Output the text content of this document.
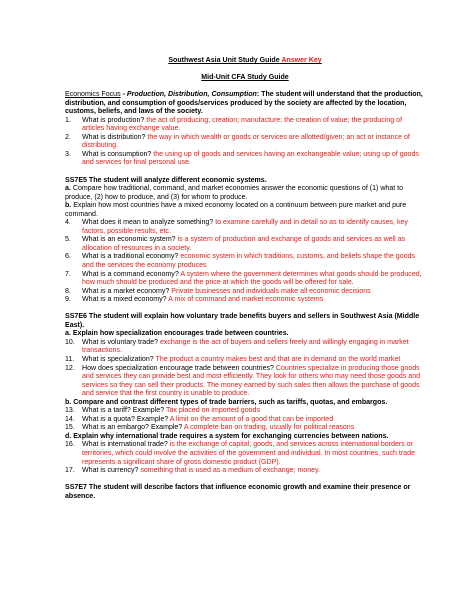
Southwest Asia Unit Study Guide Answer Key
Mid-Unit CFA Study Guide

Economics Focus - Production, Distribution, Consumption: The student will understand that the production, distribution, and consumption of goods/services produced by the society are affected by the location, customs, beliefs, and laws of the society.

1. What is production? the act of producing; creation; manufacture; the creation of value; the producing of articles having exchange value.
2. What is distribution? the way in which wealth or goods or services are allotted/given; an act or instance of distributing.
3. What is consumption? the using up of goods and services having an exchangeable value; using up of goods and services for final personal use.
SS7E5 The student will analyze different economic systems.

a. Compare how traditional, command, and market economies answer the economic questions of (1) what to produce, (2) how to produce, and (3) for whom to produce.

b. Explain how most countries have a mixed economy located on a continuum between pure market and pure command.

4. What does it mean to analyze something? to examine carefully and in detail so as to identify causes, key factors, possible results, etc.
5. What is an economic system? is a system of production and exchange of goods and services as well as allocation of resources in a society.
6. What is a traditional economy? economic system in which traditions, customs, and beliefs shape the goods and the services the economy produces
7. What is a command economy? A system where the government determines what goods should be produced, how much should be produced and the price at which the goods will be offered for sale.
8. What is a market economy? Private businesses and individuals make all economic decisions
9. What is a mixed economy? A mix of command and market economic systems
SS7E6 The student will explain how voluntary trade benefits buyers and sellers in Southwest Asia (Middle East).
a. Explain how specialization encourages trade between countries.
10. What is voluntary trade? exchange is the act of buyers and sellers freely and willingly engaging in market transactions.
11. What is specialization? The product a country makes best and that are in demand on the world market
12. How does specialization encourage trade between countries? Countries specialize in producing those goods and services they can provide best and most efficiently. They look for others who may need those goods and services so they can sell their products. The money earned by such sales then allows the purchase of goods and service that the first country is unable to produce.
b. Compare and contrast different types of trade barriers, such as tariffs, quotas, and embargos.
13. What is a tariff? Example? Tax placed on imported goods
14. What is a quota? Example? A limit on the amount of a good that can be imported
15. What is an embargo? Example? A complete ban on trading, usually for political reasons
d. Explain why international trade requires a system for exchanging currencies between nations.
16. What is international trade? is the exchange of capital, goods, and services across international borders or territories, which could involve the activities of the government and individual. In most countries, such trade represents a significant share of gross domestic product (GDP).
17. What is currency? something that is used as a medium of exchange; money.
SS7E7 The student will describe factors that influence economic growth and examine their presence or absence.
